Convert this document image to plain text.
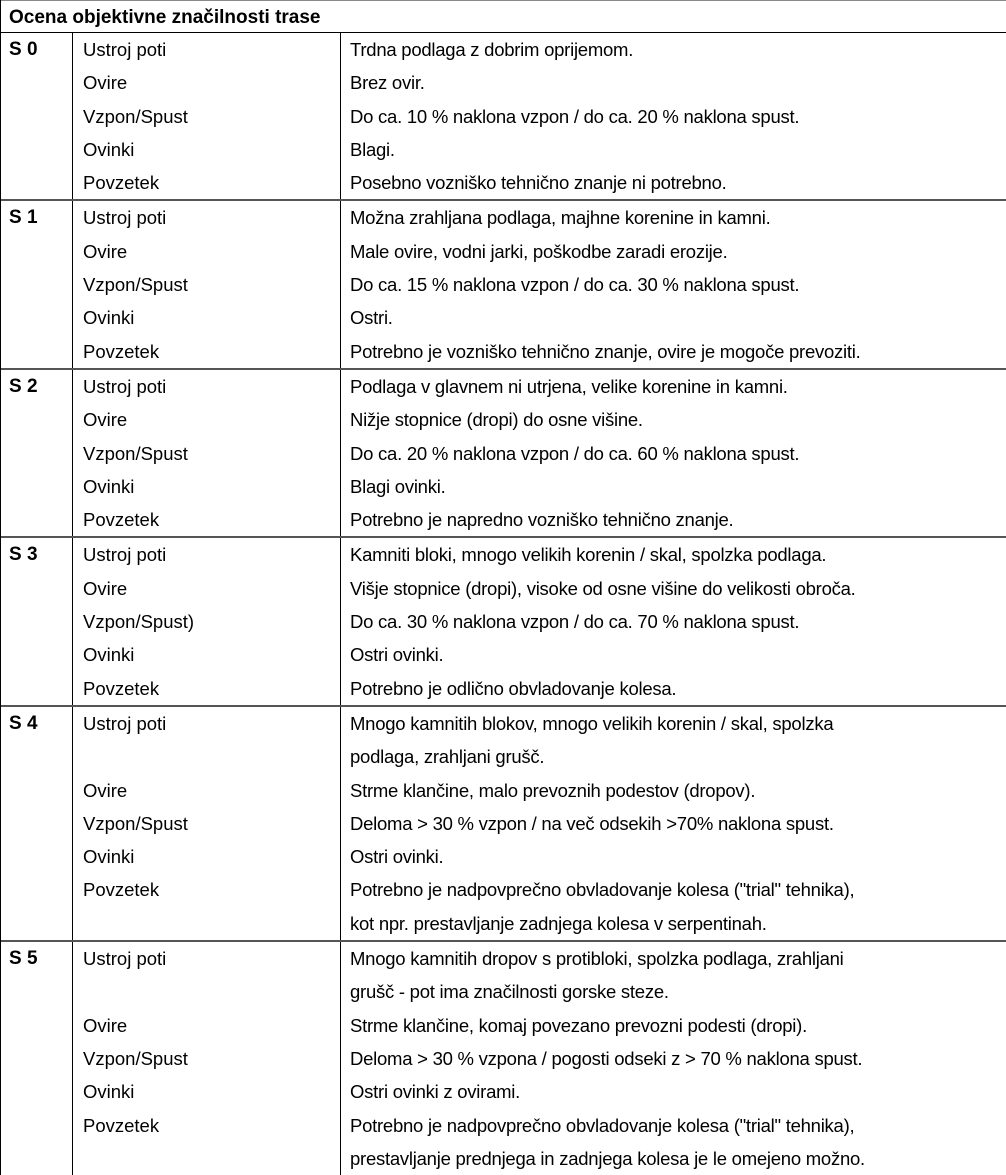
Ocena objektivne značilnosti trase
S 0	Ustroj poti	Trdna podlaga z dobrim oprijemom.
Ovire	Brez ovir.
Vzpon/Spust	Do ca. 10 % naklona vzpon / do ca. 20 % naklona spust.
Ovinki	Blagi.
Povzetek	Posebno vozniško tehnično znanje ni potrebno.
S 1	Ustroj poti	Možna zrahljana podlaga, majhne korenine in kamni.
Ovire	Male ovire, vodni jarki, poškodbe zaradi erozije.
Vzpon/Spust	Do ca. 15 % naklona vzpon / do ca. 30 % naklona spust.
Ovinki	Ostri.
Povzetek	Potrebno je vozniško tehnično znanje, ovire je mogoče prevoziti.
S 2	Ustroj poti	Podlaga v glavnem ni utrjena, velike korenine in kamni.
Ovire	Nižje stopnice (dropi) do osne višine.
Vzpon/Spust	Do ca. 20 % naklona vzpon / do ca. 60 % naklona spust.
Ovinki	Blagi ovinki.
Povzetek	Potrebno je napredno vozniško tehnično znanje.
S 3	Ustroj poti	Kamniti bloki, mnogo velikih korenin / skal, spolzka podlaga.
Ovire	Višje stopnice (dropi), visoke od osne višine do velikosti obroča.
Vzpon/Spust)	Do ca. 30 % naklona vzpon / do ca. 70 % naklona spust.
Ovinki	Ostri ovinki.
Povzetek	Potrebno je odlično obvladovanje kolesa.
S 4	Ustroj poti	Mnogo kamnitih blokov, mnogo velikih korenin / skal, spolzka
podlaga, zrahljani grušč.
Ovire	Strme klančine, malo prevoznih podestov (dropov).
Vzpon/Spust	Deloma > 30 % vzpon / na več odsekih >70% naklona spust.
Ovinki	Ostri ovinki.
Povzetek	Potrebno je nadpovprečno obvladovanje kolesa ("trial" tehnika),
kot npr. prestavljanje zadnjega kolesa v serpentinah.
S 5	Ustroj poti	Mnogo kamnitih dropov s protibloki, spolzka podlaga, zrahljani
grušč - pot ima značilnosti gorske steze.
Ovire	Strme klančine, komaj povezano prevozni podesti (dropi).
Vzpon/Spust	Deloma > 30 % vzpona / pogosti odseki z > 70 % naklona spust.
Ovinki	Ostri ovinki z ovirami.
Povzetek	Potrebno je nadpovprečno obvladovanje kolesa ("trial" tehnika),
prestavljanje prednjega in zadnjega kolesa je le omejeno možno.
